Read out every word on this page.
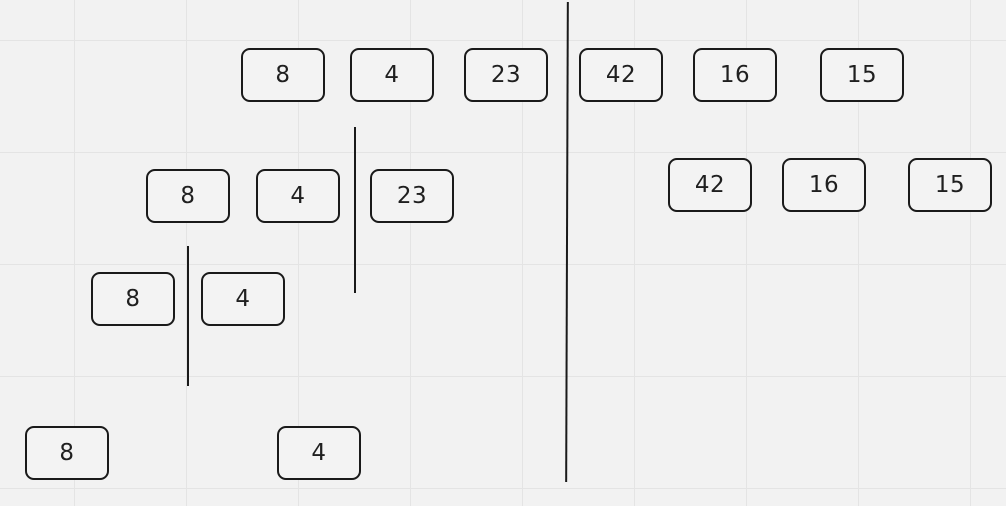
8	4	23	42	16	15
8	4	23	42	16	15
8	4
8	4
